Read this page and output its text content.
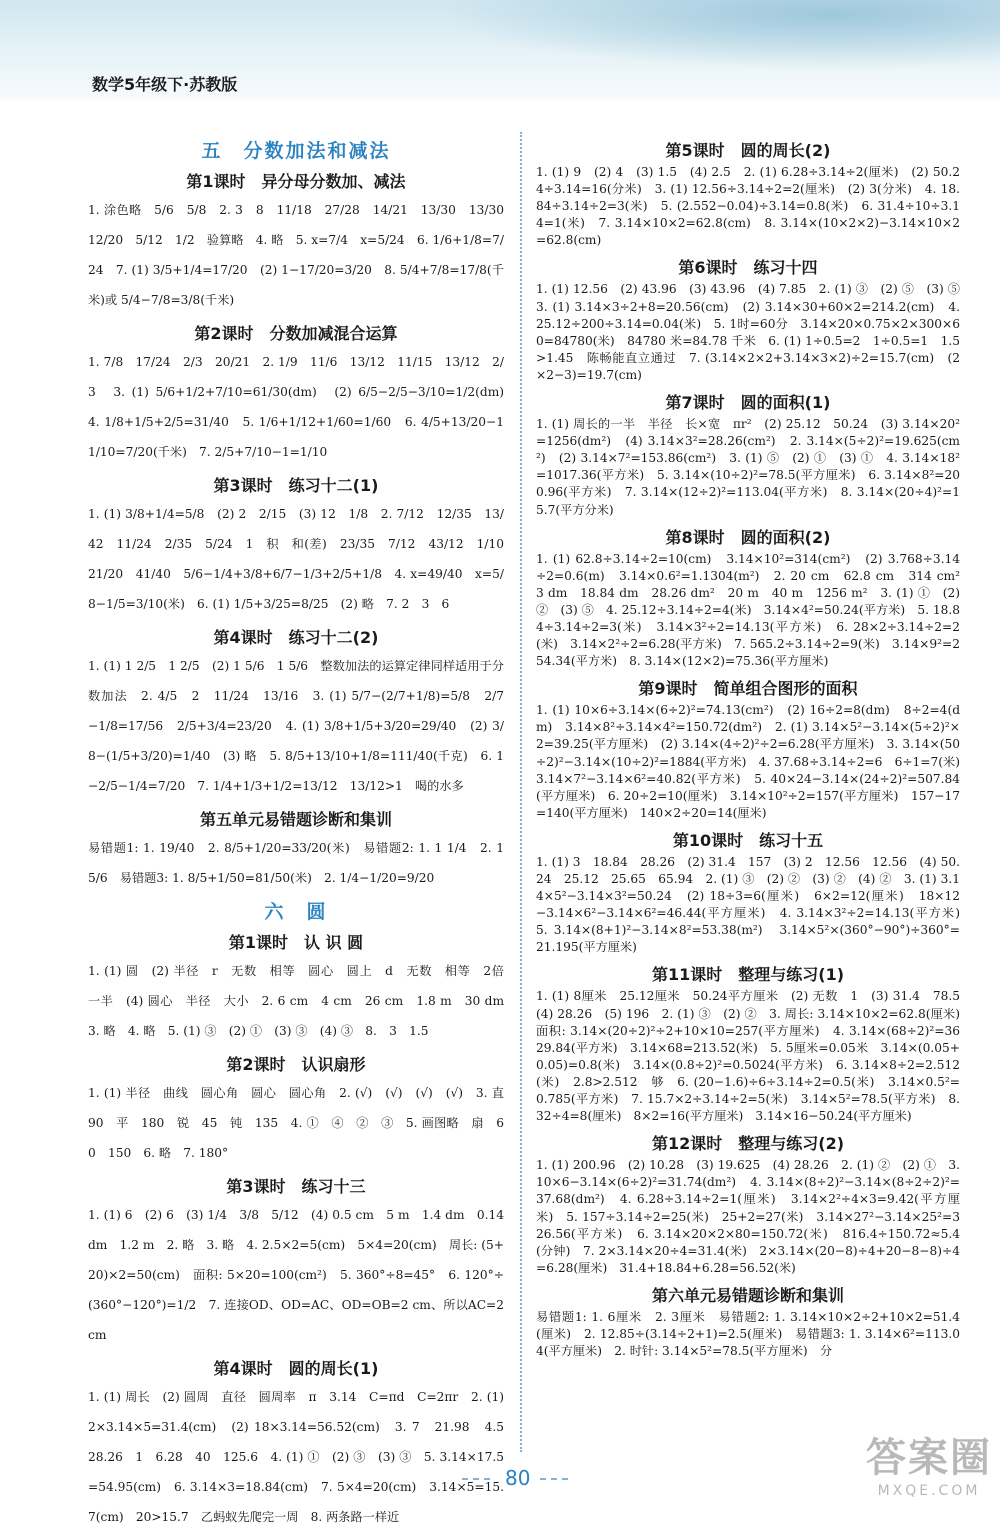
数学5年级下·苏教版
五　分数加法和减法
第1课时　异分母分数加、减法
1. 涂色略　5/6　5/8　2. 3　8　11/18　27/28　14/21　13/30　13/30　12/20　5/12　1/2　验算略　4. 略　5. x=7/4　x=5/24　6. 1/6+1/8=7/24　7. (1) 3/5+1/4=17/20　(2) 1−17/20=3/20　8. 5/4+7/8=17/8(千米)或 5/4−7/8=3/8(千米)
第2课时　分数加减混合运算
1. 7/8　17/24　2/3　20/21　2. 1/9　11/6　13/12　11/15　13/12　2/3　3. (1) 5/6+1/2+7/10=61/30(dm)　(2) 6/5−2/5−3/10=1/2(dm)　4. 1/8+1/5+2/5=31/40　5. 1/6+1/12+1/60=1/60　6. 4/5+13/20−11/10=7/20(千米)　7. 2/5+7/10−1=1/10
第3课时　练习十二(1)
1. (1) 3/8+1/4=5/8　(2) 2　2/15　(3) 12　1/8　2. 7/12　12/35　13/42　11/24　2/35　5/24　1　积　和(差)　23/35　7/12　43/12　1/10　21/20　41/40　5/6−1/4+3/8+6/7−1/3+2/5+1/8　4. x=49/40　x=5/8−1/5=3/10(米)　6. (1) 1/5+3/25=8/25　(2) 略　7. 2　3　6
第4课时　练习十二(2)
1. (1) 1 2/5　1 2/5　(2) 1 5/6　1 5/6　整数加法的运算定律同样适用于分数加法　2. 4/5　2　11/24　13/16　3. (1) 5/7−(2/7+1/8)=5/8　2/7−1/8=17/56　2/5+3/4=23/20　4. (1) 3/8+1/5+3/20=29/40　(2) 3/8−(1/5+3/20)=1/40　(3) 略　5. 8/5+13/10+1/8=111/40(千克)　6. 1−2/5−1/4=7/20　7. 1/4+1/3+1/2=13/12　13/12>1　喝的水多
第五单元易错题诊断和集训
易错题1: 1. 19/40　2. 8/5+1/20=33/20(米)　易错题2: 1. 1 1/4　2. 1 5/6　易错题3: 1. 8/5+1/50=81/50(米)　2. 1/4−1/20=9/20
六　圆
第1课时　认 识 圆
1. (1) 圆　(2) 半径　r　无数　相等　圆心　圆上　d　无数　相等　2倍　一半　(4) 圆心　半径　大小　2. 6 cm　4 cm　26 cm　1.8 m　30 dm　3. 略　4. 略　5. (1) ③　(2) ①　(3) ③　(4) ③　8.　3　1.5
第2课时　认识扇形
1. (1) 半径　曲线　圆心角　圆心　圆心角　2. (√)　(√)　(√)　(√)　3. 直　90　平　180　锐　45　钝　135　4. ①　④　②　③　5. 画图略　扇　60　150　6. 略　7. 180°
第3课时　练习十三
1. (1) 6　(2) 6　(3) 1/4　3/8　5/12　(4) 0.5 cm　5 m　1.4 dm　0.14 dm　1.2 m　2. 略　3. 略　4. 2.5×2=5(cm)　5×4=20(cm)　周长: (5+20)×2=50(cm)　面积: 5×20=100(cm²)　5. 360°÷8=45°　6. 120°÷(360°−120°)=1/2　7. 连接OD、OD=AC、OD=OB=2 cm、所以AC=2 cm
第4课时　圆的周长(1)
1. (1) 周长　(2) 圆周　直径　圆周率　π　3.14　C=πd　C=2πr　2. (1) 2×3.14×5=31.4(cm)　(2) 18×3.14=56.52(cm)　3. 7　21.98　4.5　28.26　1　6.28　40　125.6　4. (1) ①　(2) ③　(3) ③　5. 3.14×17.5=54.95(cm)　6. 3.14×3=18.84(cm)　7. 5×4=20(cm)　3.14×5=15.7(cm)　20>15.7　乙蚂蚁先爬完一周　8. 两条路一样近
第5课时　圆的周长(2)
1. (1) 9　(2) 4　(3) 1.5　(4) 2.5　2. (1) 6.28÷3.14÷2(厘米)　(2) 50.24÷3.14=16(分米)　3. (1) 12.56÷3.14÷2=2(厘米)　(2) 3(分米)　4. 18.84÷3.14÷2=3(米)　5. (2.552−0.04)÷3.14=0.8(米)　6. 31.4÷10÷3.14=1(米)　7. 3.14×10×2=62.8(cm)　8. 3.14×(10×2×2)−3.14×10×2=62.8(cm)
第6课时　练习十四
1. (1) 12.56　(2) 43.96　(3) 43.96　(4) 7.85　2. (1) ③　(2) ⑤　(3) ⑤　3. (1) 3.14×3÷2+8=20.56(cm)　(2) 3.14×30+60×2=214.2(cm)　4. 25.12÷200÷3.14=0.04(米)　5. 1时=60分　3.14×20×0.75×2×300×60=84780(米)　84780 米=84.78 千米　6. (1) 1÷0.5=2　1÷0.5=1　1.5>1.45　陈畅能直立通过　7. (3.14×2×2+3.14×3×2)÷2=15.7(cm)　(2×2−3)=19.7(cm)
第7课时　圆的面积(1)
1. (1) 周长的一半　半径　长×宽　πr²　(2) 25.12　50.24　(3) 3.14×20²=1256(dm²)　(4) 3.14×3²=28.26(cm²)　2. 3.14×(5÷2)²=19.625(cm²)　(2) 3.14×7²=153.86(cm²)　3. (1) ⑤　(2) ①　(3) ①　4. 3.14×18²=1017.36(平方米)　5. 3.14×(10÷2)²=78.5(平方厘米)　6. 3.14×8²=200.96(平方米)　7. 3.14×(12÷2)²=113.04(平方米)　8. 3.14×(20÷4)²=15.7(平方分米)
第8课时　圆的面积(2)
1. (1) 62.8÷3.14÷2=10(cm)　3.14×10²=314(cm²)　(2) 3.768÷3.14÷2=0.6(m)　3.14×0.6²=1.1304(m²)　2. 20 cm　62.8 cm　314 cm²　3 dm　18.84 dm　28.26 dm²　20 m　40 m　1256 m²　3. (1) ①　(2) ②　(3) ⑤　4. 25.12÷3.14÷2=4(米)　3.14×4²=50.24(平方米)　5. 18.84÷3.14÷2=3(米)　3.14×3²÷2=14.13(平方米)　6. 28×2÷3.14÷2=2(米)　3.14×2²÷2=6.28(平方米)　7. 565.2÷3.14÷2=9(米)　3.14×9²=254.34(平方米)　8. 3.14×(12×2)=75.36(平方厘米)
第9课时　简单组合图形的面积
1. (1) 10×6÷3.14×(6÷2)²=74.13(cm²)　(2) 16÷2=8(dm)　8÷2=4(dm)　3.14×8²÷3.14×4²=150.72(dm²)　2. (1) 3.14×5²−3.14×(5÷2)²×2=39.25(平方厘米)　(2) 3.14×(4÷2)²÷2=6.28(平方厘米)　3. 3.14×(50÷2)²−3.14×(10÷2)²=1884(平方米)　4. 37.68÷3.14÷2=6　6÷1=7(米)　3.14×7²−3.14×6²=40.82(平方米)　5. 40×24−3.14×(24÷2)²=507.84(平方厘米)　6. 20÷2=10(厘米)　3.14×10²÷2=157(平方厘米)　157−17=140(平方厘米)　140×2÷20=14(厘米)
第10课时　练习十五
1. (1) 3　18.84　28.26　(2) 31.4　157　(3) 2　12.56　12.56　(4) 50.24　25.12　25.65　65.94　2. (1) ③　(2) ②　(3) ②　(4) ②　3. (1) 3.14×5²−3.14×3²=50.24　(2) 18÷3=6(厘米)　6×2=12(厘米)　18×12−3.14×6²−3.14×6²=46.44(平方厘米)　4. 3.14×3²÷2=14.13(平方米)　5. 3.14×(8+1)²−3.14×8²=53.38(m²)　3.14×5²×(360°−90°)÷360°=21.195(平方厘米)
第11课时　整理与练习(1)
1. (1) 8厘米　25.12厘米　50.24平方厘米　(2) 无数　1　(3) 31.4　78.5　(4) 28.26　(5) 196　2. (1) ③　(2) ②　3. 周长: 3.14×10×2=62.8(厘米)　面积: 3.14×(20÷2)²÷2+10×10=257(平方厘米)　4. 3.14×(68÷2)²=3629.84(平方米)　3.14×68=213.52(米)　5. 5厘米=0.05米　3.14×(0.05+0.05)=0.8(米)　3.14×(0.8÷2)²=0.5024(平方米)　6. 3.14×8÷2=2.512(米)　2.8>2.512　够　6. (20−1.6)÷6÷3.14÷2=0.5(米)　3.14×0.5²=0.785(平方米)　7. 15.7×2÷3.14÷2=5(米)　3.14×5²=78.5(平方米)　8. 32÷4=8(厘米)　8×2=16(平方厘米)　3.14×16−50.24(平方厘米)
第12课时　整理与练习(2)
1. (1) 200.96　(2) 10.28　(3) 19.625　(4) 28.26　2. (1) ②　(2) ①　3. 10×6−3.14×(6÷2)²=31.74(dm²)　4. 3.14×(8÷2)²−3.14×(8÷2÷2)²=37.68(dm²)　4. 6.28÷3.14÷2=1(厘米)　3.14×2²÷4×3=9.42(平方厘米)　5. 157÷3.14÷2=25(米)　25+2=27(米)　3.14×27²−3.14×25²=326.56(平方米)　6. 3.14×20×2×80=150.72(米)　816.4÷150.72≈5.4(分钟)　7. 2×3.14×20÷4=31.4(米)　2×3.14×(20−8)÷4+20−8−8)÷4=6.28(厘米)　31.4+18.84+6.28=56.52(米)
第六单元易错题诊断和集训
易错题1: 1. 6厘米　2. 3厘米　易错题2: 1. 3.14×10×2÷2+10×2=51.4(厘米)　2. 12.85÷(3.14÷2+1)=2.5(厘米)　易错题3: 1. 3.14×6²=113.04(平方厘米)　2. 时针: 3.14×5²=78.5(平方厘米)　分
80	答案圈
MXQE.COM
